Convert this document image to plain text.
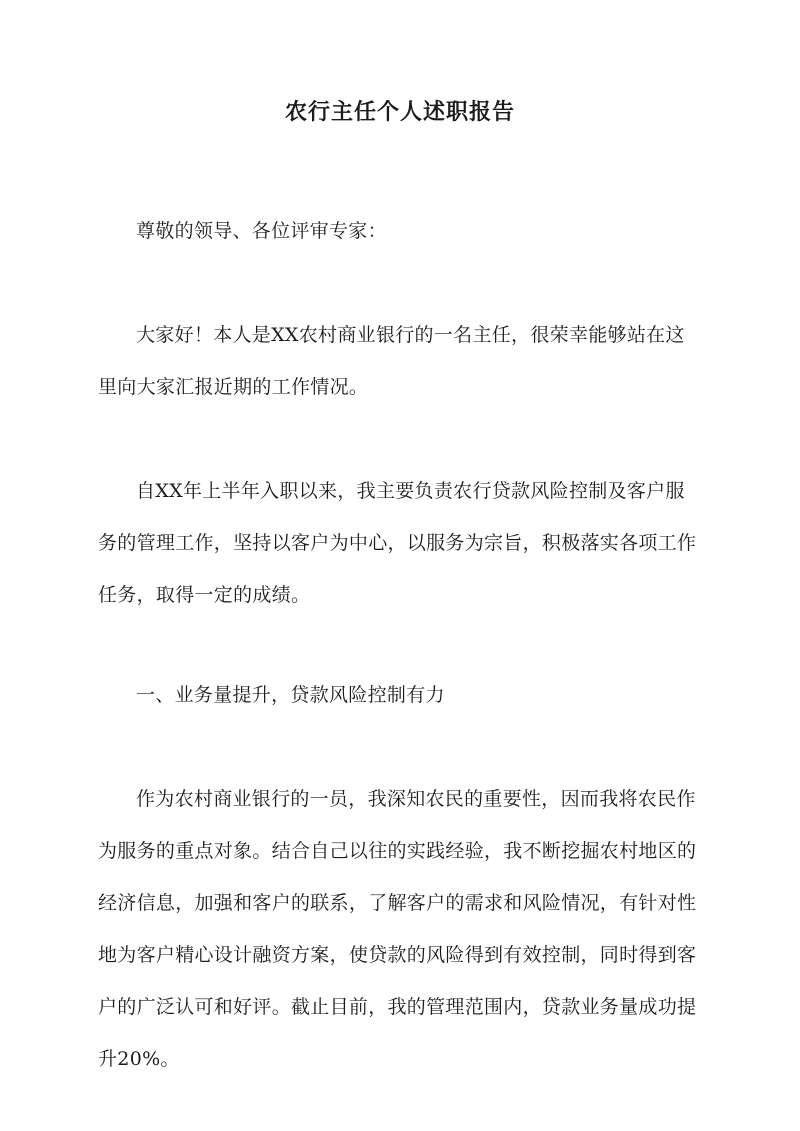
农行主任个人述职报告

尊敬的领导、各位评审专家：

大家好！本人是XX农村商业银行的一名主任，很荣幸能够站在这里向大家汇报近期的工作情况。

自XX年上半年入职以来，我主要负责农行贷款风险控制及客户服务的管理工作，坚持以客户为中心，以服务为宗旨，积极落实各项工作任务，取得一定的成绩。

一、业务量提升，贷款风险控制有力

作为农村商业银行的一员，我深知农民的重要性，因而我将农民作为服务的重点对象。结合自己以往的实践经验，我不断挖掘农村地区的经济信息，加强和客户的联系，了解客户的需求和风险情况，有针对性地为客户精心设计融资方案，使贷款的风险得到有效控制，同时得到客户的广泛认可和好评。截止目前，我的管理范围内，贷款业务量成功提升20%。
